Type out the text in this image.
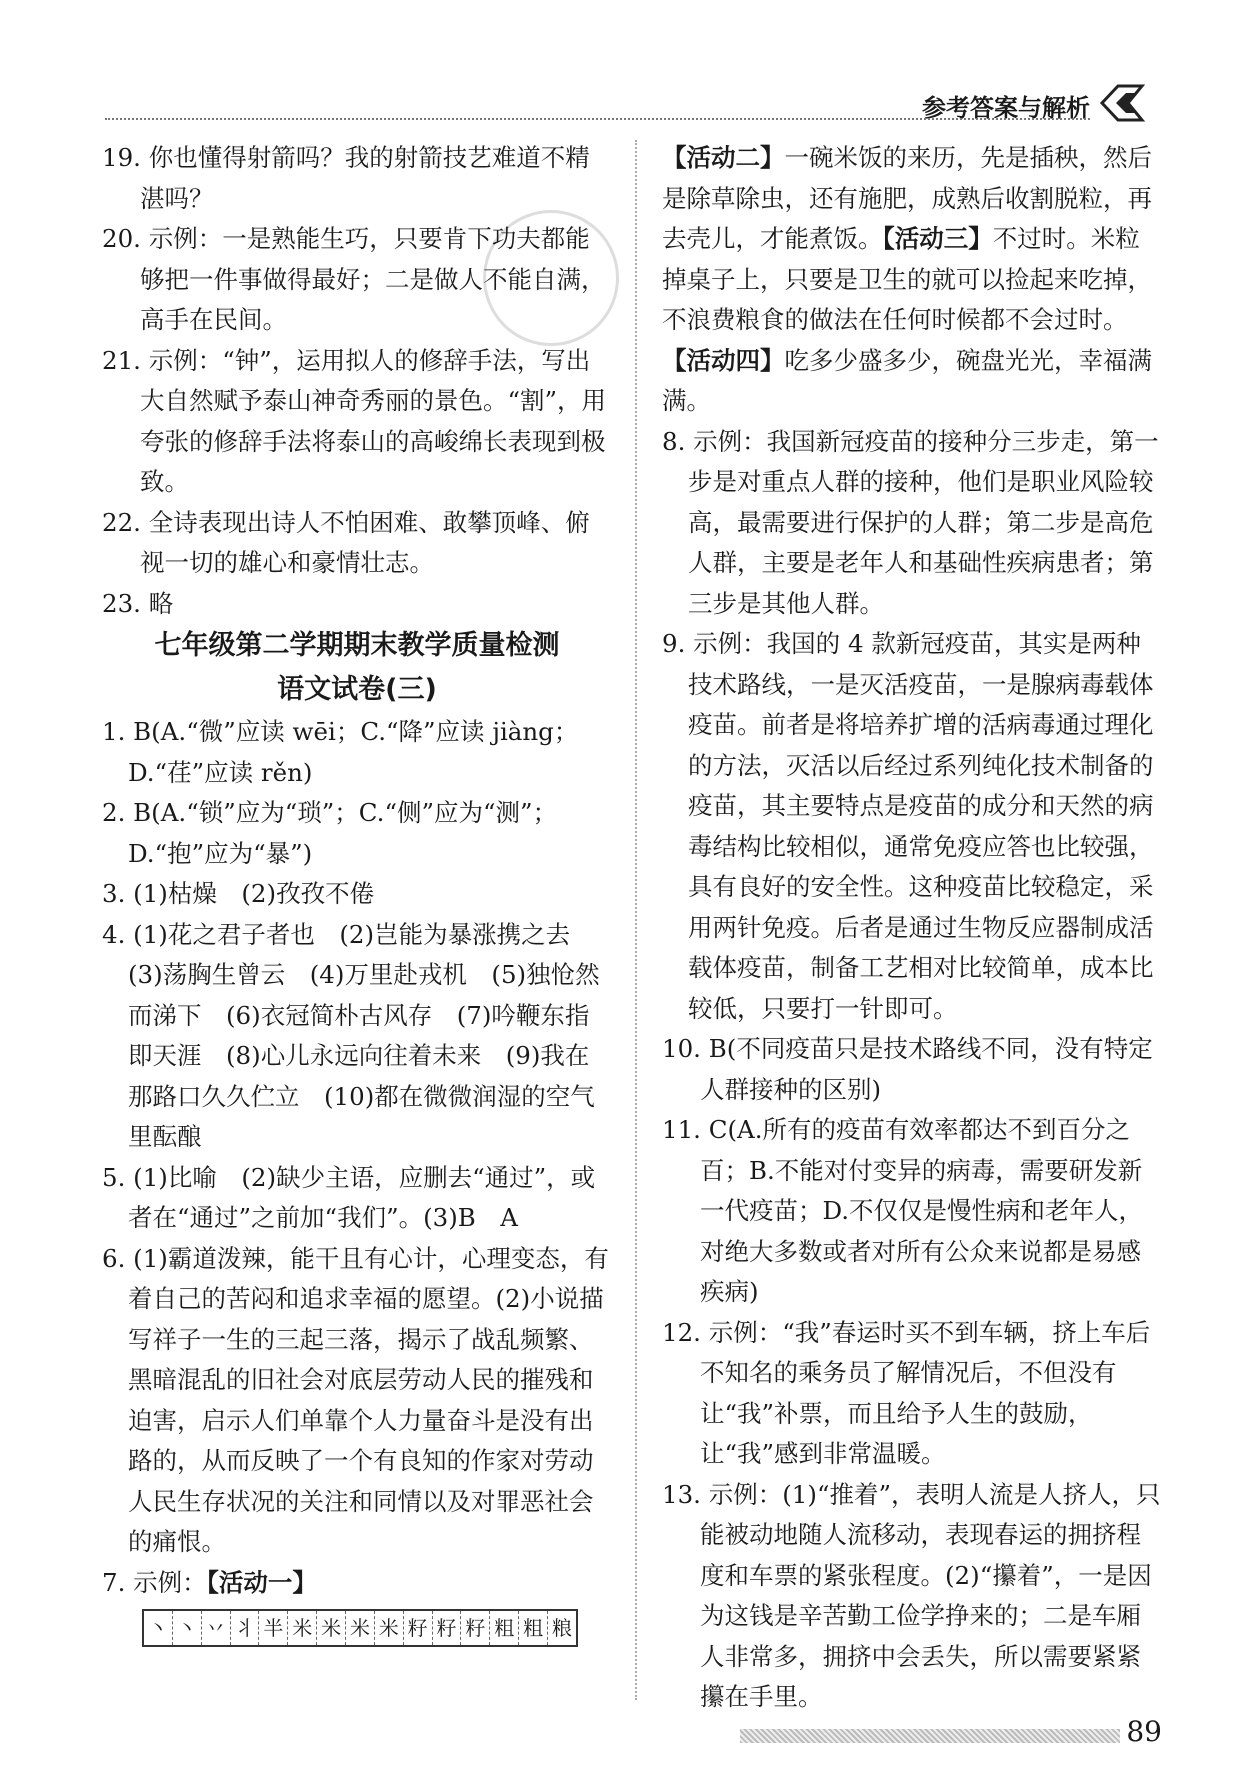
参考答案与解析
19. 你也懂得射箭吗？我的射箭技艺难道不精湛吗？
20. 示例：一是熟能生巧，只要肯下功夫都能够把一件事做得最好；二是做人不能自满，高手在民间。
21. 示例：“钟”，运用拟人的修辞手法，写出大自然赋予泰山神奇秀丽的景色。“割”，用夸张的修辞手法将泰山的高峻绵长表现到极致。
22. 全诗表现出诗人不怕困难、敢攀顶峰、俯视一切的雄心和豪情壮志。
23. 略
七年级第二学期期末教学质量检测
语文试卷(三)
1. B(A.“微”应读 wēi；C.“降”应读 jiàng；D.“荏”应读 rěn)
2. B(A.“锁”应为“琐”；C.“侧”应为“测”；D.“抱”应为“暴”)
3. (1)枯燥　(2)孜孜不倦
4. (1)花之君子者也　(2)岂能为暴涨携之去　(3)荡胸生曾云　(4)万里赴戎机　(5)独怆然而涕下　(6)衣冠简朴古风存　(7)吟鞭东指即天涯　(8)心儿永远向往着未来　(9)我在那路口久久伫立　(10)都在微微润湿的空气里酝酿
5. (1)比喻　(2)缺少主语，应删去“通过”，或者在“通过”之前加“我们”。(3)B　A
6. (1)霸道泼辣，能干且有心计，心理变态，有着自己的苦闷和追求幸福的愿望。(2)小说描写祥子一生的三起三落，揭示了战乱频繁、黑暗混乱的旧社会对底层劳动人民的摧残和迫害，启示人们单靠个人力量奋斗是没有出路的，从而反映了一个有良知的作家对劳动人民生存状况的关注和同情以及对罪恶社会的痛恨。
7. 示例：【活动一】
丶 丶 丷 丬 半 米 米 米 米 籽 籽 籽 粗 粗 粮
【活动二】一碗米饭的来历，先是插秧，然后是除草除虫，还有施肥，成熟后收割脱粒，再去壳儿，才能煮饭。【活动三】不过时。米粒掉桌子上，只要是卫生的就可以捡起来吃掉，不浪费粮食的做法在任何时候都不会过时。【活动四】吃多少盛多少，碗盘光光，幸福满满。
8. 示例：我国新冠疫苗的接种分三步走，第一步是对重点人群的接种，他们是职业风险较高，最需要进行保护的人群；第二步是高危人群，主要是老年人和基础性疾病患者；第三步是其他人群。
9. 示例：我国的 4 款新冠疫苗，其实是两种技术路线，一是灭活疫苗，一是腺病毒载体疫苗。前者是将培养扩增的活病毒通过理化的方法，灭活以后经过系列纯化技术制备的疫苗，其主要特点是疫苗的成分和天然的病毒结构比较相似，通常免疫应答也比较强，具有良好的安全性。这种疫苗比较稳定，采用两针免疫。后者是通过生物反应器制成活载体疫苗，制备工艺相对比较简单，成本比较低，只要打一针即可。
10. B(不同疫苗只是技术路线不同，没有特定人群接种的区别)
11. C(A.所有的疫苗有效率都达不到百分之百；B.不能对付变异的病毒，需要研发新一代疫苗；D.不仅仅是慢性病和老年人，对绝大多数或者对所有公众来说都是易感疾病)
12. 示例：“我”春运时买不到车辆，挤上车后不知名的乘务员了解情况后，不但没有让“我”补票，而且给予人生的鼓励，让“我”感到非常温暖。
13. 示例：(1)“推着”，表明人流是人挤人，只能被动地随人流移动，表现春运的拥挤程度和车票的紧张程度。(2)“攥着”，一是因为这钱是辛苦勤工俭学挣来的；二是车厢人非常多，拥挤中会丢失，所以需要紧紧攥在手里。
89
